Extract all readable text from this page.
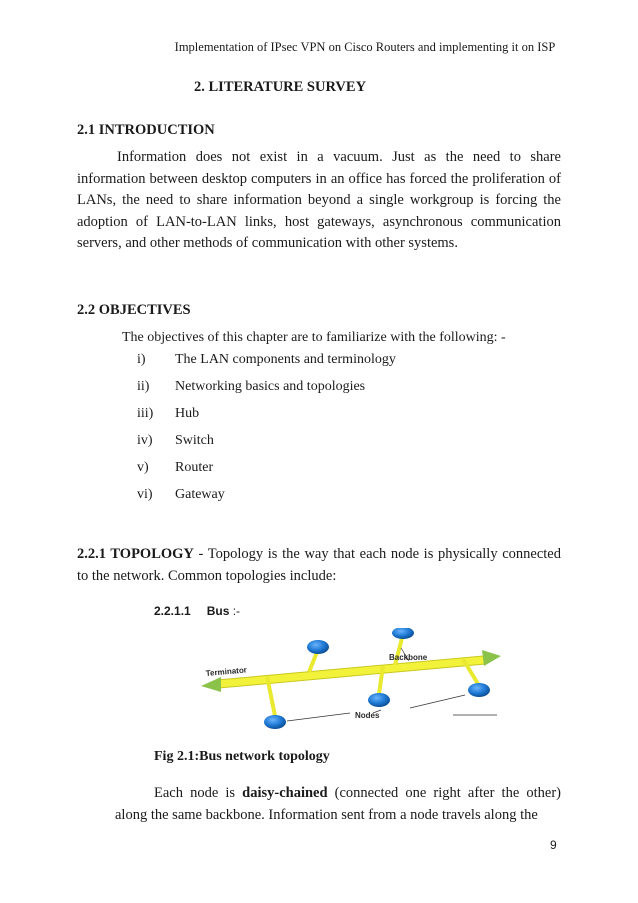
Implementation of IPsec VPN on Cisco Routers and implementing it on ISP
2. LITERATURE SURVEY
2.1 INTRODUCTION
Information does not exist in a vacuum. Just as the need to share information between desktop computers in an office has forced the proliferation of LANs, the need to share information beyond a single workgroup is forcing the adoption of LAN-to-LAN links, host gateways, asynchronous communication servers, and other methods of communication with other systems.
2.2 OBJECTIVES
The objectives of this chapter are to familiarize with the following: -
i) The LAN components and terminology
ii) Networking basics and topologies
iii) Hub
iv) Switch
v) Router
vi) Gateway
2.2.1 TOPOLOGY - Topology is the way that each node is physically connected to the network. Common topologies include:
2.2.1.1 Bus :-
Terminator
Backbone
Nodes
Fig 2.1:Bus network topology
Each node is daisy-chained (connected one right after the other) along the same backbone. Information sent from a node travels along the
9
